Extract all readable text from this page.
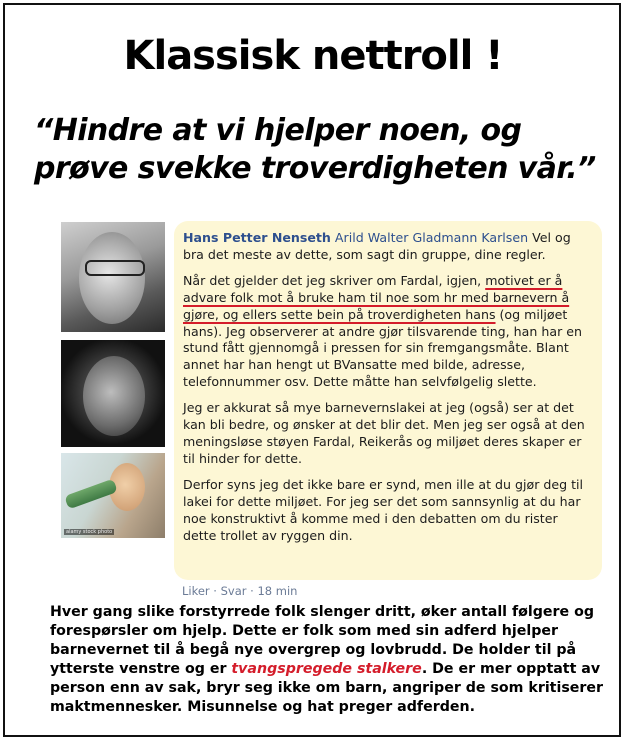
Klassisk nettroll !
“Hindre at vi hjelper noen, og prøve svekke troverdigheten vår.”
alamy stock photo

Hans Petter Nenseth Arild Walter Gladmann Karlsen Vel og bra det meste av dette, som sagt din gruppe, dine regler.

Når det gjelder det jeg skriver om Fardal, igjen, motivet er å advare folk mot å bruke ham til noe som hr med barnevern å gjøre, og ellers sette bein på troverdigheten hans (og miljøet hans). Jeg observerer at andre gjør tilsvarende ting, han har en stund fått gjennomgå i pressen for sin fremgangsmåte. Blant annet har han hengt ut BVansatte med bilde, adresse, telefonnummer osv. Dette måtte han selvfølgelig slette.

Jeg er akkurat så mye barnevernslakei at jeg (også) ser at det kan bli bedre, og ønsker at det blir det. Men jeg ser også at den meningsløse støyen Fardal, Reikerås og miljøet deres skaper er til hinder for dette.

Derfor syns jeg det ikke bare er synd, men ille at du gjør deg til lakei for dette miljøet. For jeg ser det som sannsynlig at du har noe konstruktivt å komme med i den debatten om du rister dette trollet av ryggen din.

Liker · Svar · 18 min
Hver gang slike forstyrrede folk slenger dritt, øker antall følgere og forespørsler om hjelp. Dette er folk som med sin adferd hjelper barnevernet til å begå nye overgrep og lovbrudd. De holder til på ytterste venstre og er tvangspregede stalkere. De er mer opptatt av person enn av sak, bryr seg ikke om barn, angriper de som kritiserer maktmennesker. Misunnelse og hat preger adferden.
